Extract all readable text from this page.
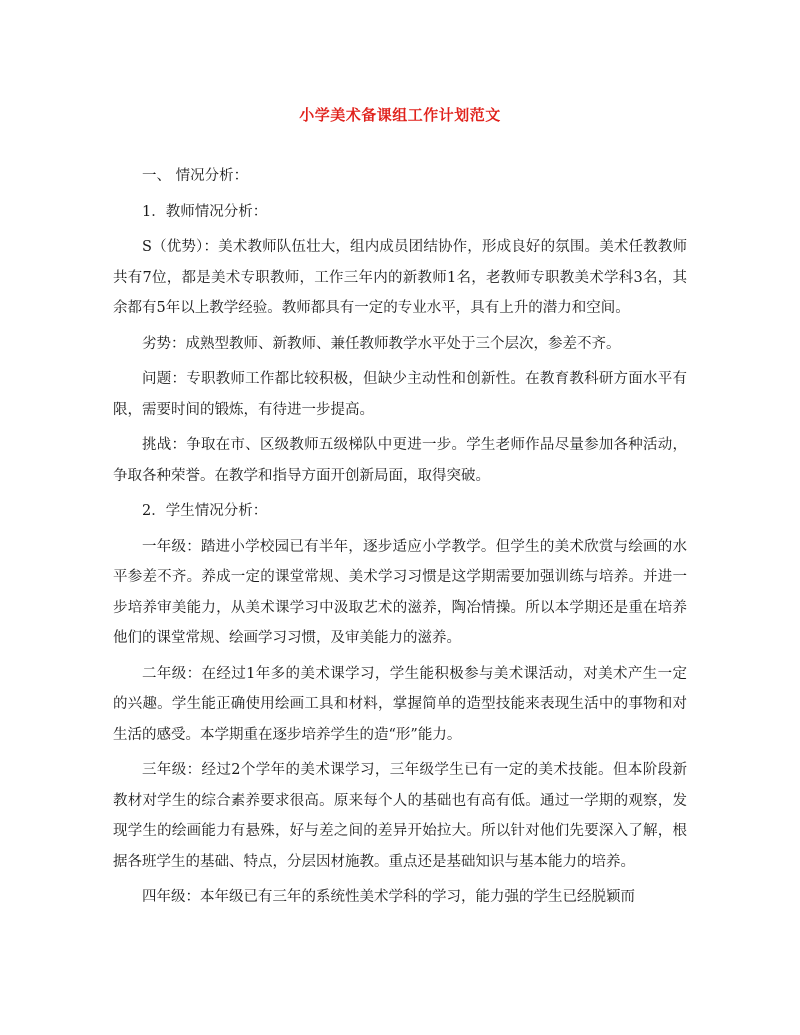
小学美术备课组工作计划范文

一、 情况分析：

1．教师情况分析：

S（优势）：美术教师队伍壮大，组内成员团结协作，形成良好的氛围。美术任教教师共有7位，都是美术专职教师，工作三年内的新教师1名，老教师专职教美术学科3名，其余都有5年以上教学经验。教师都具有一定的专业水平，具有上升的潜力和空间。

劣势：成熟型教师、新教师、兼任教师教学水平处于三个层次，参差不齐。

问题：专职教师工作都比较积极，但缺少主动性和创新性。在教育教科研方面水平有限，需要时间的锻炼，有待进一步提高。

挑战：争取在市、区级教师五级梯队中更进一步。学生老师作品尽量参加各种活动，争取各种荣誉。在教学和指导方面开创新局面，取得突破。

2．学生情况分析：

一年级：踏进小学校园已有半年，逐步适应小学教学。但学生的美术欣赏与绘画的水平参差不齐。养成一定的课堂常规、美术学习习惯是这学期需要加强训练与培养。并进一步培养审美能力，从美术课学习中汲取艺术的滋养，陶冶情操。所以本学期还是重在培养他们的课堂常规、绘画学习习惯，及审美能力的滋养。

二年级：在经过1年多的美术课学习，学生能积极参与美术课活动，对美术产生一定的兴趣。学生能正确使用绘画工具和材料，掌握简单的造型技能来表现生活中的事物和对生活的感受。本学期重在逐步培养学生的造“形”能力。

三年级：经过2个学年的美术课学习，三年级学生已有一定的美术技能。但本阶段新教材对学生的综合素养要求很高。原来每个人的基础也有高有低。通过一学期的观察，发现学生的绘画能力有悬殊，好与差之间的差异开始拉大。所以针对他们先要深入了解，根据各班学生的基础、特点，分层因材施教。重点还是基础知识与基本能力的培养。

四年级：本年级已有三年的系统性美术学科的学习，能力强的学生已经脱颖而
